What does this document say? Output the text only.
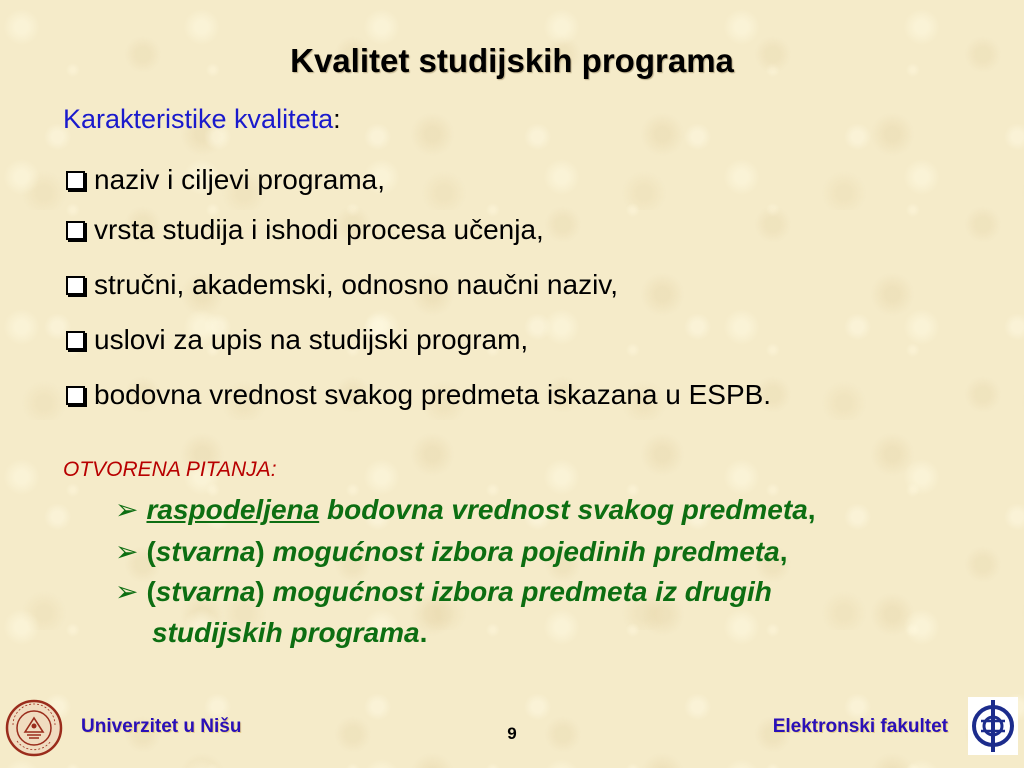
Kvalitet studijskih programa
Karakteristike kvaliteta:
naziv i ciljevi programa,
vrsta studija i ishodi procesa učenja,
stručni, akademski, odnosno naučni naziv,
uslovi za upis na studijski program,
bodovna vrednost svakog predmeta iskazana u ESPB.
OTVORENA PITANJA:
➢ raspodeljena bodovna vrednost svakog predmeta,
➢ (stvarna) mogućnost izbora pojedinih predmeta,
➢ (stvarna) mogućnost izbora predmeta iz drugih
studijskih programa.
Univerzitet u Nišu	9	Elektronski fakultet
